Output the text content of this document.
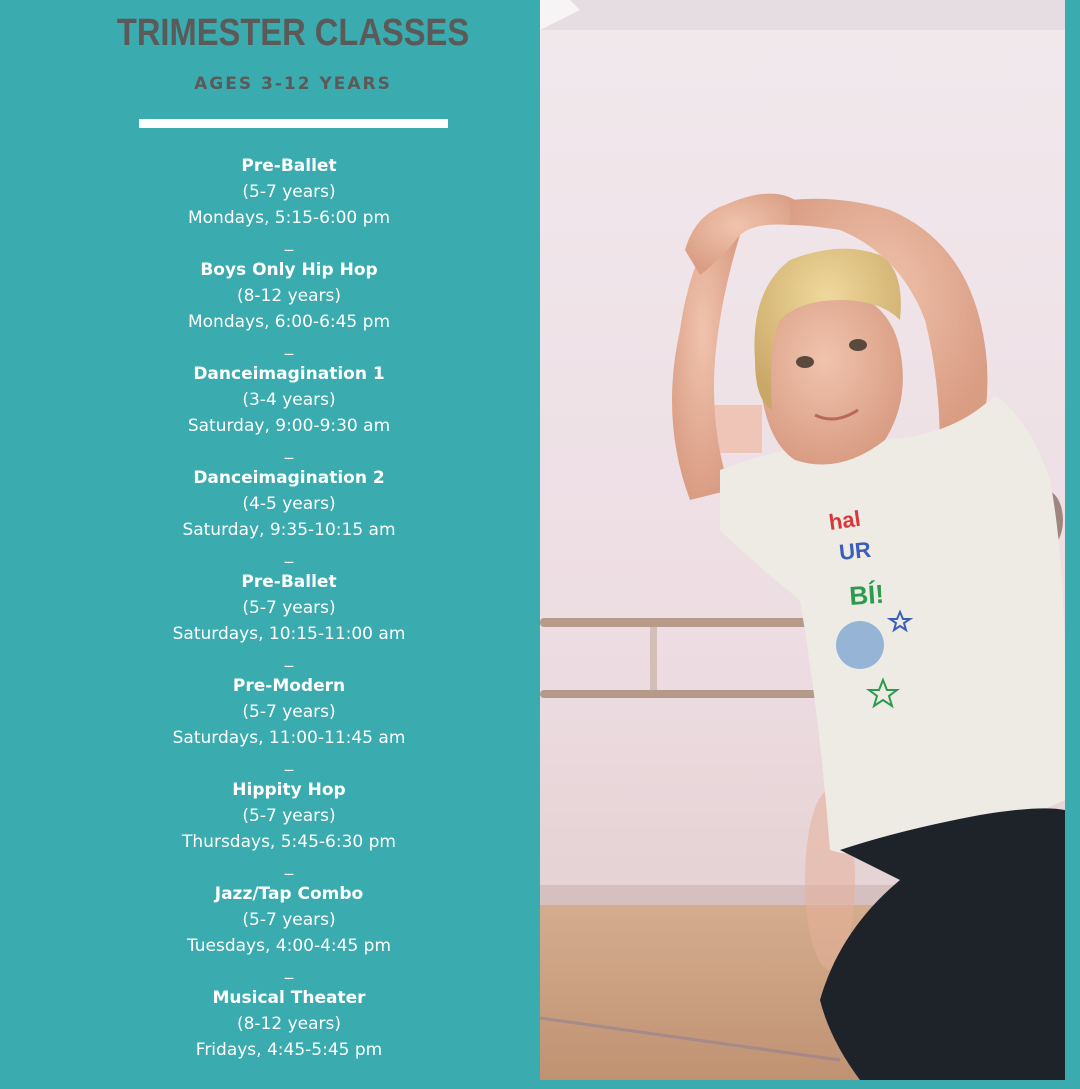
TRIMESTER CLASSES
AGES 3-12 YEARS
Pre-Ballet
(5-7 years)
Mondays, 5:15-6:00 pm
_
Boys Only Hip Hop
(8-12 years)
Mondays, 6:00-6:45 pm
_
Danceimagination 1
(3-4 years)
Saturday, 9:00-9:30 am
_
Danceimagination 2
(4-5 years)
Saturday, 9:35-10:15 am
_
Pre-Ballet
(5-7 years)
Saturdays, 10:15-11:00 am
_
Pre-Modern
(5-7 years)
Saturdays, 11:00-11:45 am
_
Hippity Hop
(5-7 years)
Thursdays, 5:45-6:30 pm
_
Jazz/Tap Combo
(5-7 years)
Tuesdays, 4:00-4:45 pm
_
Musical Theater
(8-12 years)
Fridays, 4:45-5:45 pm
hal
UR
BÍ!
